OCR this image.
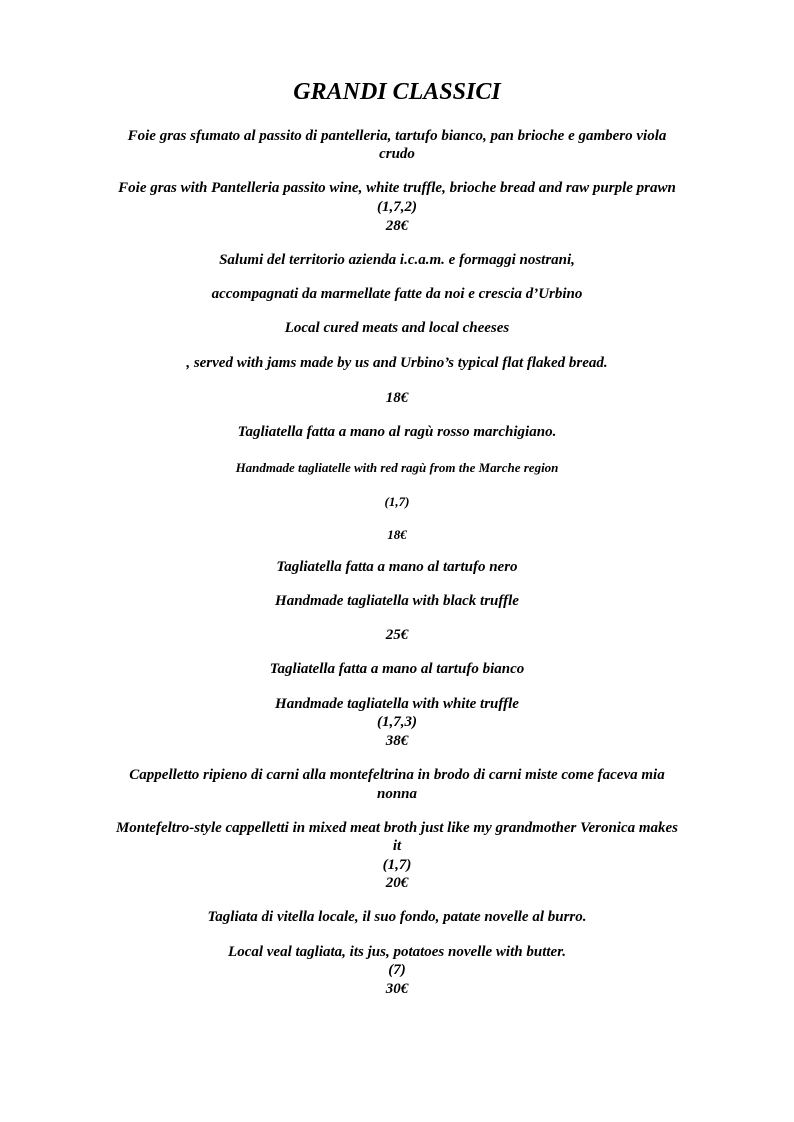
GRANDI CLASSICI

Foie gras sfumato al passito di pantelleria, tartufo bianco, pan brioche e gambero viola

crudo

Foie gras with Pantelleria passito wine, white truffle, brioche bread and raw purple prawn

(1,7,2)

28€

Salumi del territorio azienda i.c.a.m. e formaggi nostrani,

accompagnati da marmellate fatte da noi e crescia d’Urbino

Local cured meats and local cheeses

, served with jams made by us and Urbino’s typical flat flaked bread.

18€

Tagliatella fatta a mano al ragù rosso marchigiano.

Handmade tagliatelle with red ragù from the Marche region

(1,7)

18€

Tagliatella fatta a mano al tartufo nero

Handmade tagliatella with black truffle

25€

Tagliatella fatta a mano al tartufo bianco

Handmade tagliatella with white truffle

(1,7,3)

38€

Cappelletto ripieno di carni alla montefeltrina in brodo di carni miste come faceva mia

nonna

Montefeltro-style cappelletti in mixed meat broth just like my grandmother Veronica makes

it

(1,7)

20€

Tagliata di vitella locale, il suo fondo, patate novelle al burro.

Local veal tagliata, its jus, potatoes novelle with butter.

(7)

30€
